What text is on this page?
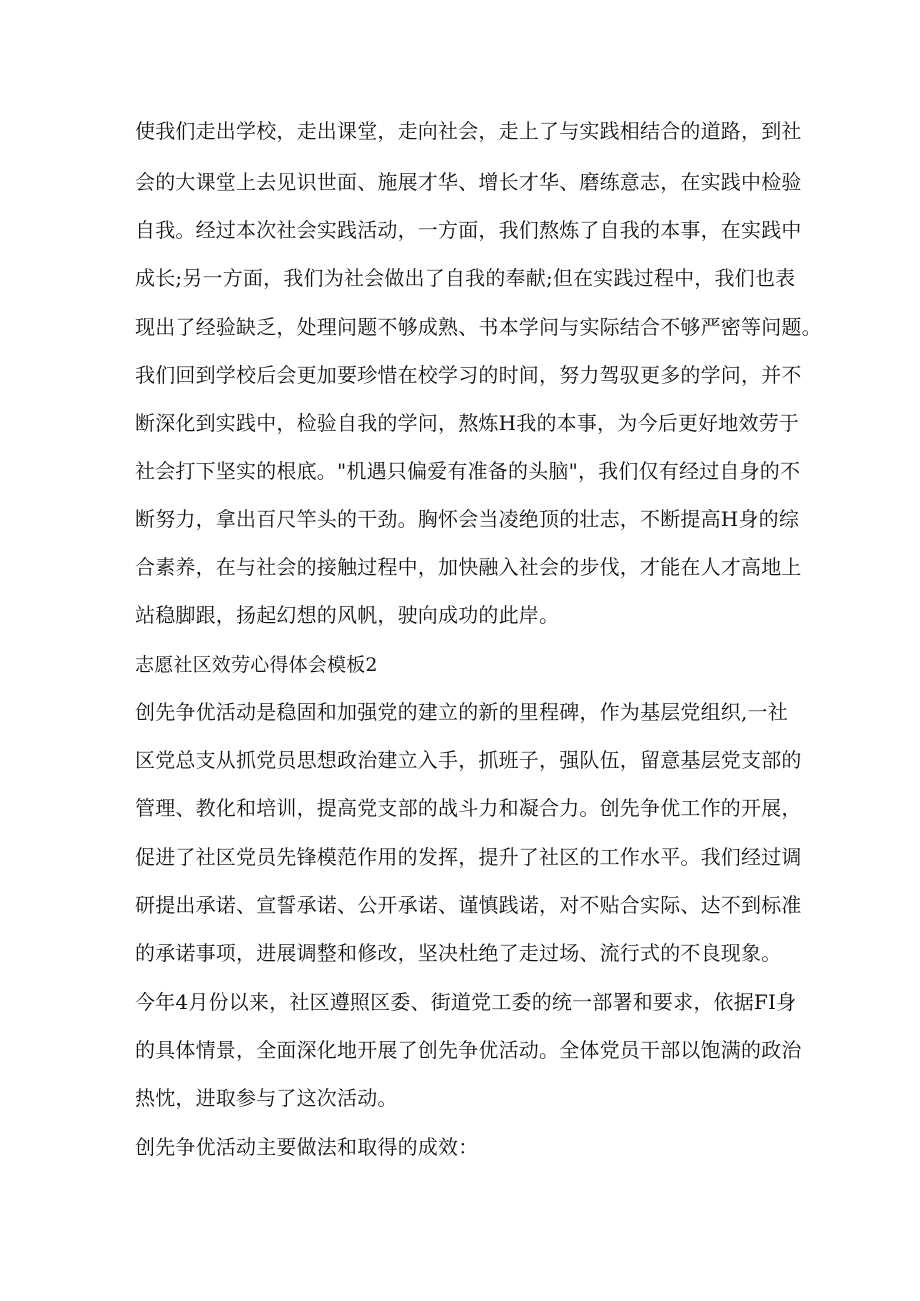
使我们走出学校，走出课堂，走向社会，走上了与实践相结合的道路，到社
会的大课堂上去见识世面、施展才华、增长才华、磨练意志，在实践中检验
自我。经过本次社会实践活动，一方面，我们熬炼了自我的本事，在实践中
成长;另一方面，我们为社会做出了自我的奉献;但在实践过程中，我们也表
现出了经验缺乏，处理问题不够成熟、书本学问与实际结合不够严密等问题。
我们回到学校后会更加要珍惜在校学习的时间，努力驾驭更多的学问，并不
断深化到实践中，检验自我的学问，熬炼H我的本事，为今后更好地效劳于
社会打下坚实的根底。"机遇只偏爱有准备的头脑"，我们仅有经过自身的不
断努力，拿出百尺竿头的干劲。胸怀会当凌绝顶的壮志，不断提高H身的综
合素养，在与社会的接触过程中，加快融入社会的步伐，才能在人才高地上
站稳脚跟，扬起幻想的风帆，驶向成功的此岸。
志愿社区效劳心得体会模板2
创先争优活动是稳固和加强党的建立的新的里程碑，作为基层党组织,一社
区党总支从抓党员思想政治建立入手，抓班子，强队伍，留意基层党支部的
管理、教化和培训，提高党支部的战斗力和凝合力。创先争优工作的开展，
促进了社区党员先锋模范作用的发挥，提升了社区的工作水平。我们经过调
研提出承诺、宣誓承诺、公开承诺、谨慎践诺，对不贴合实际、达不到标准
的承诺事项，进展调整和修改，坚决杜绝了走过场、流行式的不良现象。
今年4月份以来，社区遵照区委、街道党工委的统一部署和要求，依据FI身
的具体情景，全面深化地开展了创先争优活动。全体党员干部以饱满的政治
热忱，进取参与了这次活动。
创先争优活动主要做法和取得的成效：
